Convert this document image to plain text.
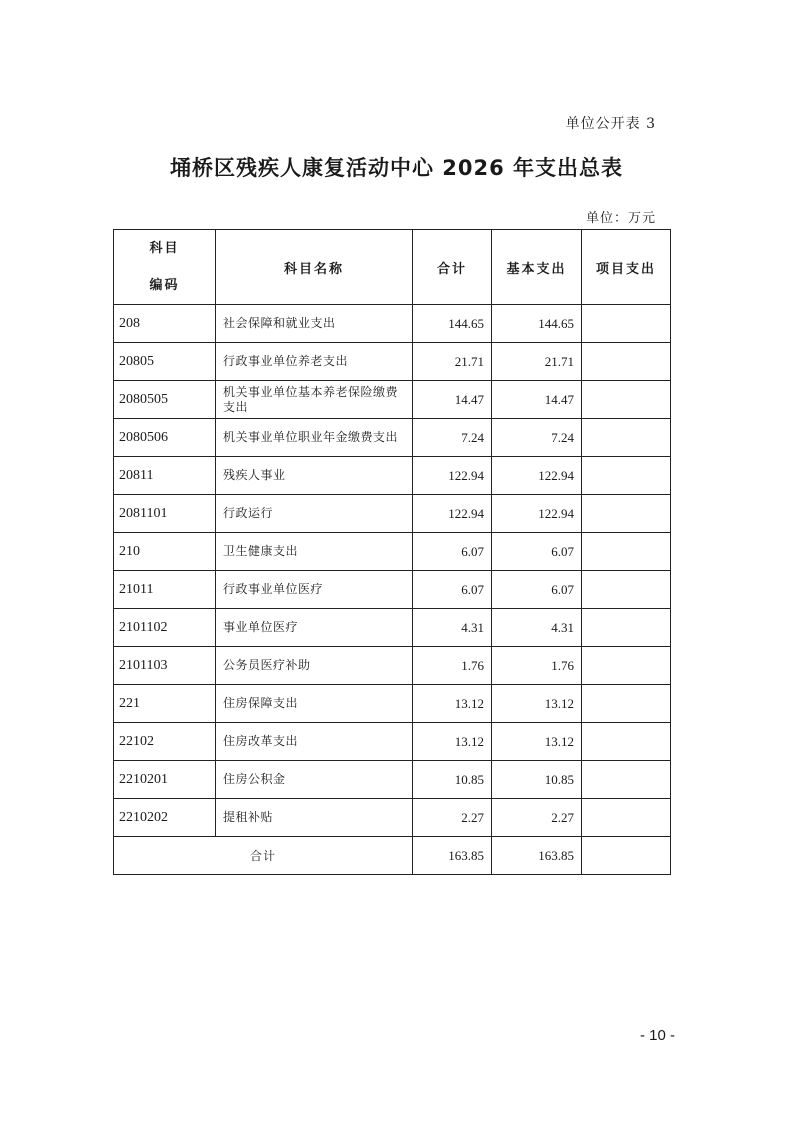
单位公开表 3
埇桥区残疾人康复活动中心 2026 年支出总表
单位：万元
科目
编码	科目名称	合计	基本支出	项目支出
208	社会保障和就业支出	144.65	144.65	
20805	行政事业单位养老支出	21.71	21.71	
2080505	机关事业单位基本养老保险缴费支出	14.47	14.47	
2080506	机关事业单位职业年金缴费支出	7.24	7.24	
20811	残疾人事业	122.94	122.94	
2081101	行政运行	122.94	122.94	
210	卫生健康支出	6.07	6.07	
21011	行政事业单位医疗	6.07	6.07	
2101102	事业单位医疗	4.31	4.31	
2101103	公务员医疗补助	1.76	1.76	
221	住房保障支出	13.12	13.12	
22102	住房改革支出	13.12	13.12	
2210201	住房公积金	10.85	10.85	
2210202	提租补贴	2.27	2.27	
合计		163.85	163.85	
- 10 -
